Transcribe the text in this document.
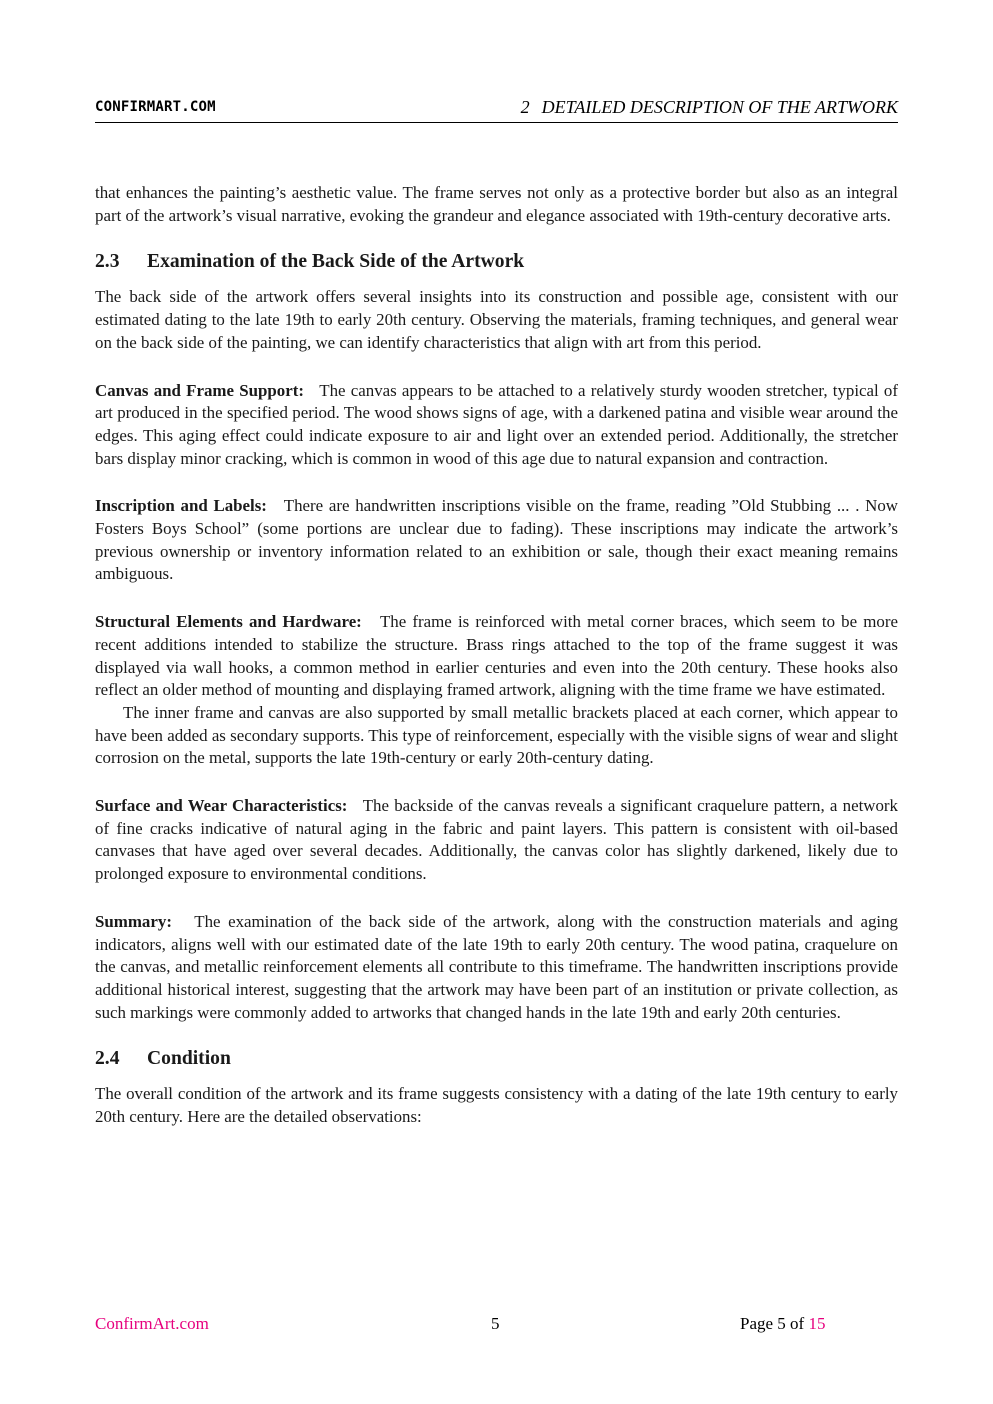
CONFIRMART.COM	2 DETAILED DESCRIPTION OF THE ARTWORK

that enhances the painting’s aesthetic value. The frame serves not only as a protective border but also as an integral part of the artwork’s visual narrative, evoking the grandeur and elegance associated with 19th-century decorative arts.

2.3 Examination of the Back Side of the Artwork

The back side of the artwork offers several insights into its construction and possible age, consistent with our estimated dating to the late 19th to early 20th century. Observing the materials, framing techniques, and general wear on the back side of the painting, we can identify characteristics that align with art from this period.

Canvas and Frame Support: The canvas appears to be attached to a relatively sturdy wooden stretcher, typical of art produced in the specified period. The wood shows signs of age, with a darkened patina and visible wear around the edges. This aging effect could indicate exposure to air and light over an extended period. Additionally, the stretcher bars display minor cracking, which is common in wood of this age due to natural expansion and contraction.

Inscription and Labels: There are handwritten inscriptions visible on the frame, reading ”Old Stubbing ... . Now Fosters Boys School” (some portions are unclear due to fading). These inscriptions may indicate the artwork’s previous ownership or inventory information related to an exhibition or sale, though their exact meaning remains ambiguous.

Structural Elements and Hardware: The frame is reinforced with metal corner braces, which seem to be more recent additions intended to stabilize the structure. Brass rings attached to the top of the frame suggest it was displayed via wall hooks, a common method in earlier centuries and even into the 20th century. These hooks also reflect an older method of mounting and displaying framed artwork, aligning with the time frame we have estimated.

The inner frame and canvas are also supported by small metallic brackets placed at each corner, which appear to have been added as secondary supports. This type of reinforcement, especially with the visible signs of wear and slight corrosion on the metal, supports the late 19th-century or early 20th-century dating.

Surface and Wear Characteristics: The backside of the canvas reveals a significant craquelure pattern, a network of fine cracks indicative of natural aging in the fabric and paint layers. This pattern is consistent with oil-based canvases that have aged over several decades. Additionally, the canvas color has slightly darkened, likely due to prolonged exposure to environmental conditions.

Summary: The examination of the back side of the artwork, along with the construction materials and aging indicators, aligns well with our estimated date of the late 19th to early 20th century. The wood patina, craquelure on the canvas, and metallic reinforcement elements all contribute to this timeframe. The handwritten inscriptions provide additional historical interest, suggesting that the artwork may have been part of an institution or private collection, as such markings were commonly added to artworks that changed hands in the late 19th and early 20th centuries.

2.4 Condition

The overall condition of the artwork and its frame suggests consistency with a dating of the late 19th century to early 20th century. Here are the detailed observations:

ConfirmArt.com	5	Page 5 of 15
